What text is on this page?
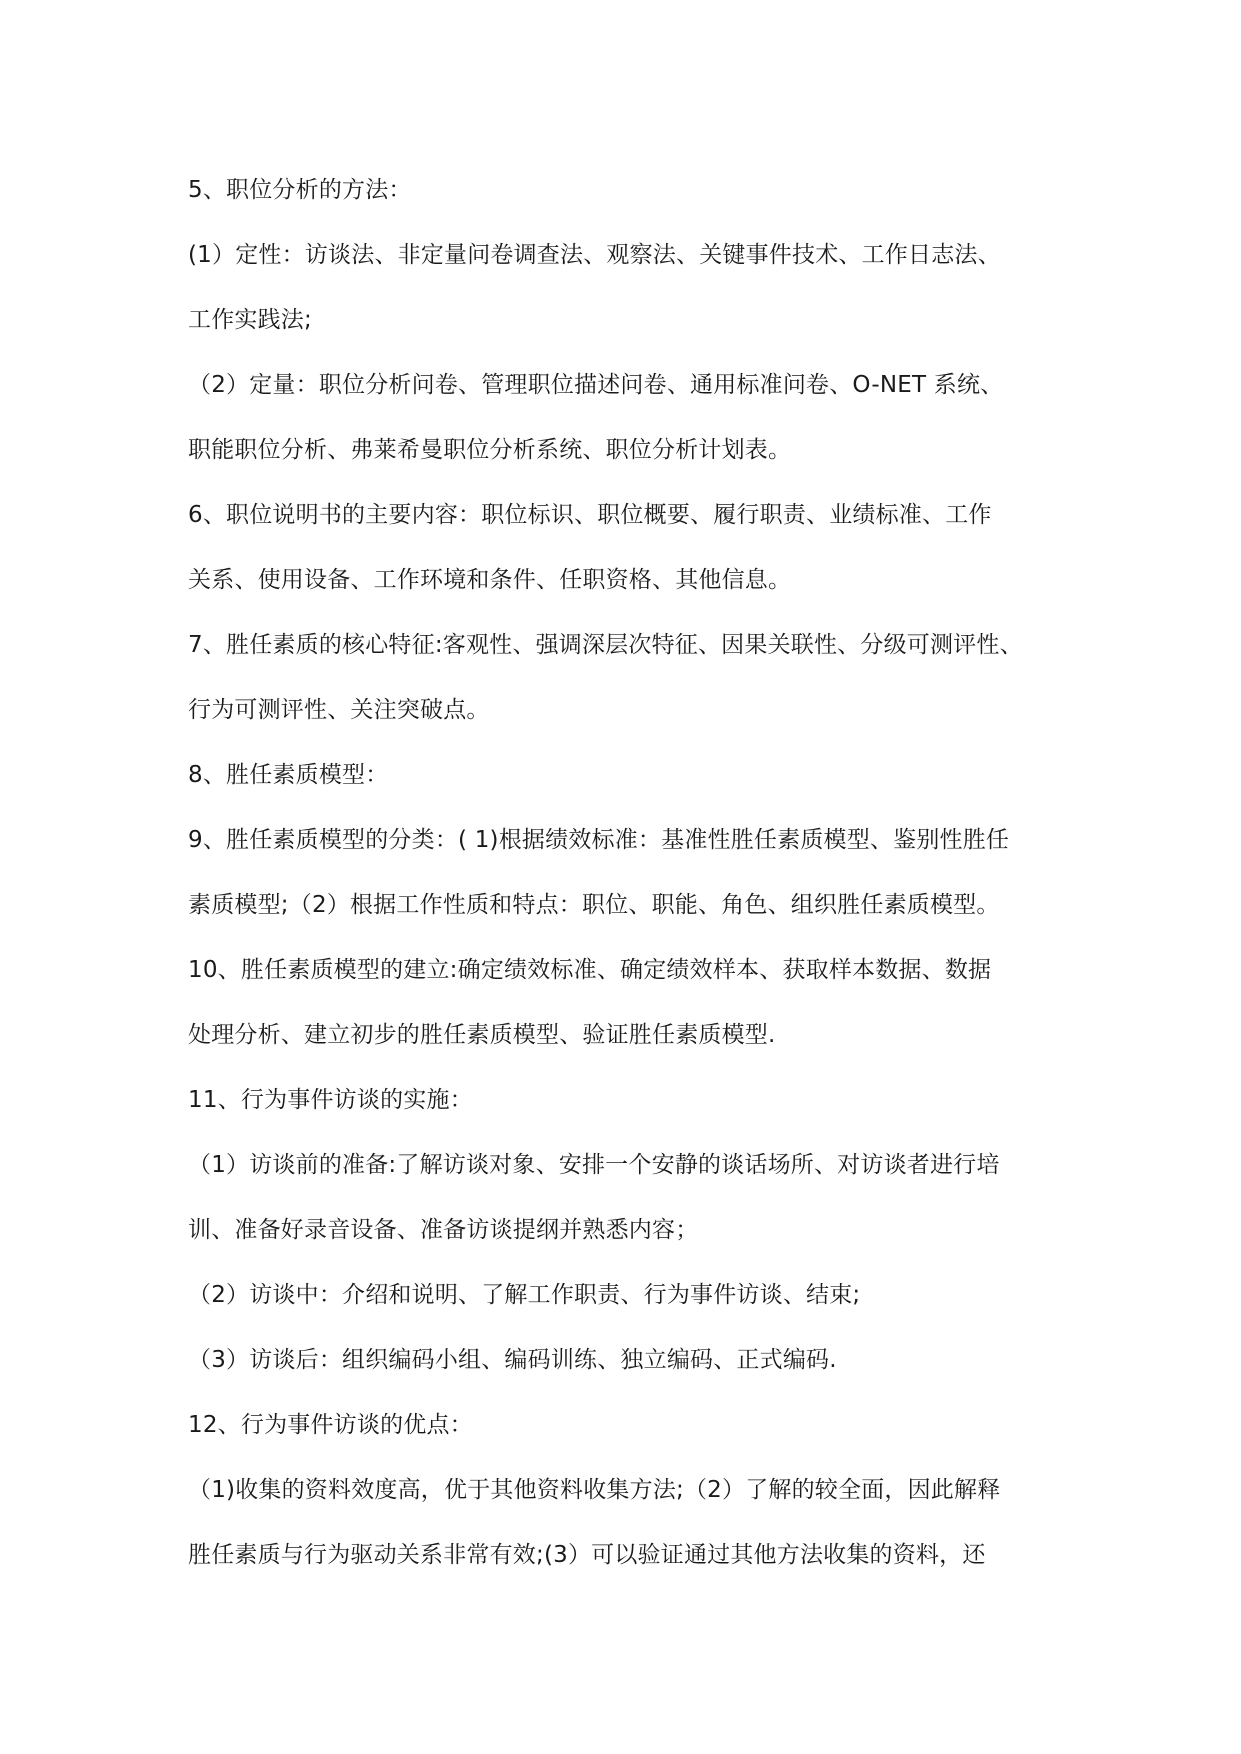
5、职位分析的方法：
(1）定性：访谈法、非定量问卷调查法、观察法、关键事件技术、工作日志法、
工作实践法;
（2）定量：职位分析问卷、管理职位描述问卷、通用标准问卷、O-NET 系统、
职能职位分析、弗莱希曼职位分析系统、职位分析计划表。
6、职位说明书的主要内容：职位标识、职位概要、履行职责、业绩标准、工作
关系、使用设备、工作环境和条件、任职资格、其他信息。
7、胜任素质的核心特征:客观性、强调深层次特征、因果关联性、分级可测评性、
行为可测评性、关注突破点。
8、胜任素质模型：
9、胜任素质模型的分类：( 1)根据绩效标准：基准性胜任素质模型、鉴别性胜任
素质模型;（2）根据工作性质和特点：职位、职能、角色、组织胜任素质模型。
10、胜任素质模型的建立:确定绩效标准、确定绩效样本、获取样本数据、数据
处理分析、建立初步的胜任素质模型、验证胜任素质模型.
11、行为事件访谈的实施：
（1）访谈前的准备:了解访谈对象、安排一个安静的谈话场所、对访谈者进行培
训、准备好录音设备、准备访谈提纲并熟悉内容；
（2）访谈中：介绍和说明、了解工作职责、行为事件访谈、结束;
（3）访谈后：组织编码小组、编码训练、独立编码、正式编码.
12、行为事件访谈的优点：
（1)收集的资料效度高，优于其他资料收集方法;（2）了解的较全面，因此解释
胜任素质与行为驱动关系非常有效;(3）可以验证通过其他方法收集的资料，还
